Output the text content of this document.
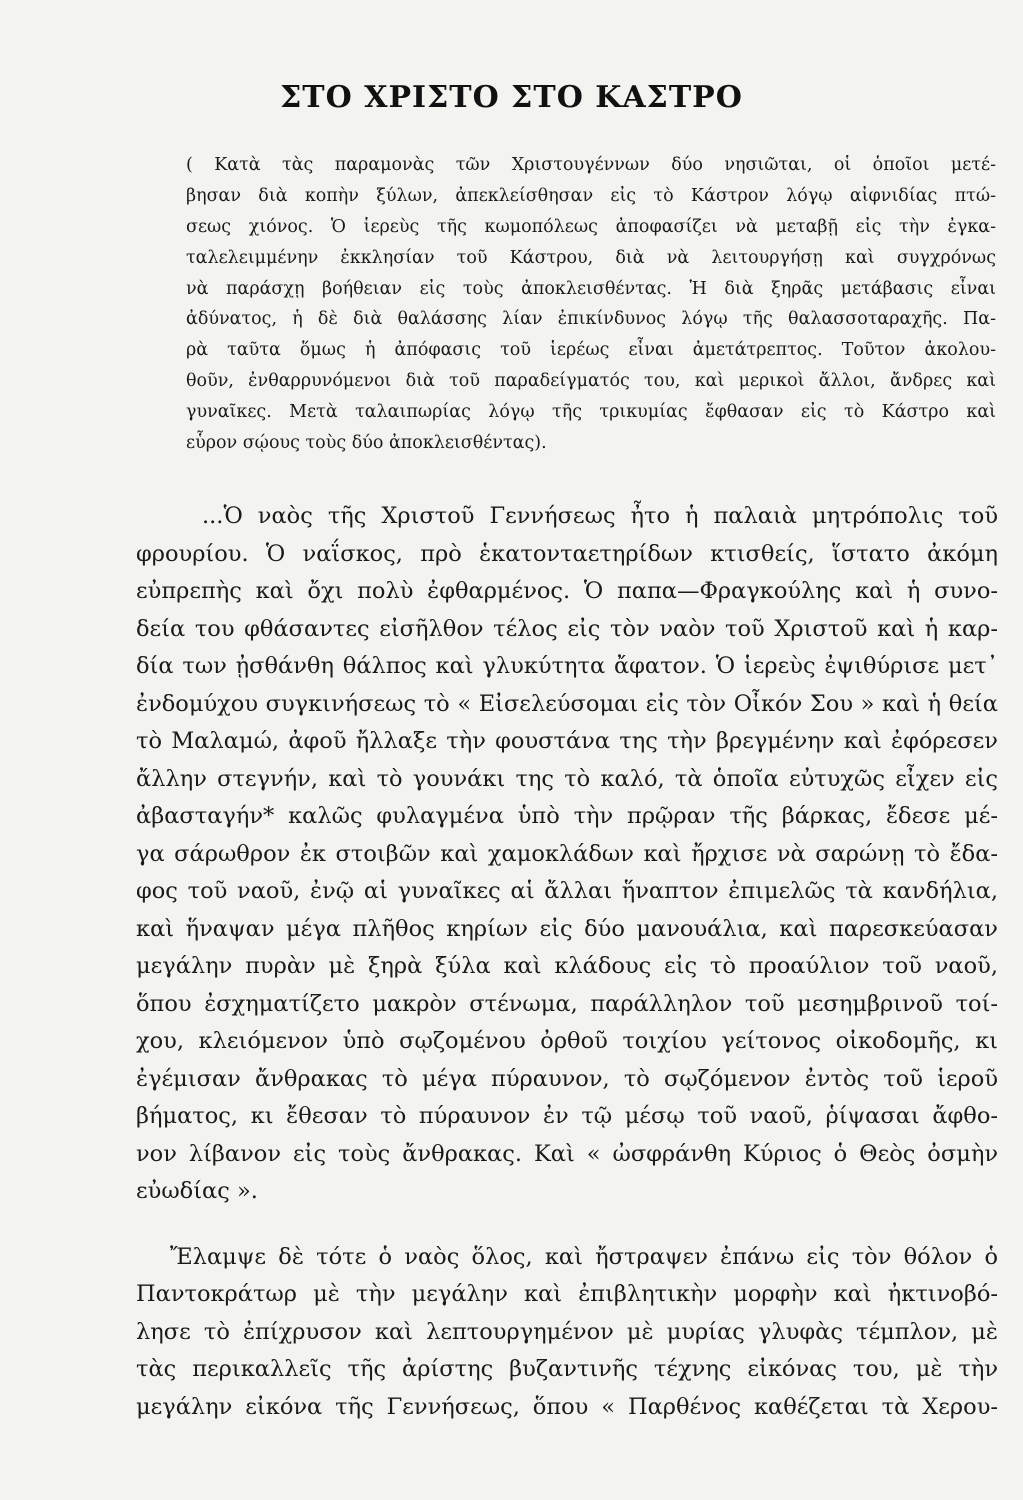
ΣΤΟ ΧΡΙΣΤΟ ΣΤΟ ΚΑΣΤΡΟ
( Κατὰ τὰς παραμονὰς τῶν Χριστουγέννων δύο νησιῶται, οἱ ὁποῖοι μετέ-
βησαν διὰ κοπὴν ξύλων, ἀπεκλείσθησαν εἰς τὸ Κάστρον λόγῳ αἰφνιδίας πτώ-
σεως χιόνος. Ὁ ἱερεὺς τῆς κωμοπόλεως ἀποφασίζει νὰ μεταβῇ εἰς τὴν ἐγκα-
ταλελειμμένην ἐκκλησίαν τοῦ Κάστρου, διὰ νὰ λειτουργήσῃ καὶ συγχρόνως
νὰ παράσχῃ βοήθειαν εἰς τοὺς ἀποκλεισθέντας. Ἡ διὰ ξηρᾶς μετάβασις εἶναι
ἀδύνατος, ἡ δὲ διὰ θαλάσσης λίαν ἐπικίνδυνος λόγῳ τῆς θαλασσοταραχῆς. Πα-
ρὰ ταῦτα ὅμως ἡ ἀπόφασις τοῦ ἱερέως εἶναι ἀμετάτρεπτος. Τοῦτον ἀκολου-
θοῦν, ἐνθαρρυνόμενοι διὰ τοῦ παραδείγματός του, καὶ μερικοὶ ἄλλοι, ἄνδρες καὶ
γυναῖκες. Μετὰ ταλαιπωρίας λόγῳ τῆς τρικυμίας ἔφθασαν εἰς τὸ Κάστρο καὶ
εὗρον σῴους τοὺς δύο ἀποκλεισθέντας).
...Ὁ ναὸς τῆς Χριστοῦ Γεννήσεως ἦτο ἡ παλαιὰ μητρόπολις τοῦ
φρουρίου. Ὁ ναΐσκος, πρὸ ἑκατονταετηρίδων κτισθείς, ἵστατο ἀκόμη
εὐπρεπὴς καὶ ὄχι πολὺ ἐφθαρμένος. Ὁ παπα—Φραγκούλης καὶ ἡ συνο-
δεία του φθάσαντες εἰσῆλθον τέλος εἰς τὸν ναὸν τοῦ Χριστοῦ καὶ ἡ καρ-
δία των ᾐσθάνθη θάλπος καὶ γλυκύτητα ἄφατον. Ὁ ἱερεὺς ἐψιθύρισε μετ᾽
ἐνδομύχου συγκινήσεως τὸ « Εἰσελεύσομαι εἰς τὸν Οἶκόν Σου » καὶ ἡ θεία
τὸ Μαλαμώ, ἀφοῦ ἤλλαξε τὴν φουστάνα της τὴν βρεγμένην καὶ ἐφόρεσεν
ἄλλην στεγνήν, καὶ τὸ γουνάκι της τὸ καλό, τὰ ὁποῖα εὐτυχῶς εἶχεν εἰς
ἀβασταγήν* καλῶς φυλαγμένα ὑπὸ τὴν πρῷραν τῆς βάρκας, ἔδεσε μέ-
γα σάρωθρον ἐκ στοιβῶν καὶ χαμοκλάδων καὶ ἤρχισε νὰ σαρώνῃ τὸ ἔδα-
φος τοῦ ναοῦ, ἐνῷ αἱ γυναῖκες αἱ ἄλλαι ἥναπτον ἐπιμελῶς τὰ κανδήλια,
καὶ ἥναψαν μέγα πλῆθος κηρίων εἰς δύο μανουάλια, καὶ παρεσκεύασαν
μεγάλην πυρὰν μὲ ξηρὰ ξύλα καὶ κλάδους εἰς τὸ προαύλιον τοῦ ναοῦ,
ὅπου ἐσχηματίζετο μακρὸν στένωμα, παράλληλον τοῦ μεσημβρινοῦ τοί-
χου, κλειόμενον ὑπὸ σῳζομένου ὀρθοῦ τοιχίου γείτονος οἰκοδομῆς, κι
ἐγέμισαν ἄνθρακας τὸ μέγα πύραυνον, τὸ σῳζόμενον ἐντὸς τοῦ ἱεροῦ
βήματος, κι ἔθεσαν τὸ πύραυνον ἐν τῷ μέσῳ τοῦ ναοῦ, ῥίψασαι ἄφθο-
νον λίβανον εἰς τοὺς ἄνθρακας. Καὶ « ὠσφράνθη Κύριος ὁ Θεὸς ὀσμὴν
εὐωδίας ».
Ἔλαμψε δὲ τότε ὁ ναὸς ὅλος, καὶ ἤστραψεν ἐπάνω εἰς τὸν θόλον ὁ
Παντοκράτωρ μὲ τὴν μεγάλην καὶ ἐπιβλητικὴν μορφὴν καὶ ἠκτινοβό-
λησε τὸ ἐπίχρυσον καὶ λεπτουργημένον μὲ μυρίας γλυφὰς τέμπλον, μὲ
τὰς περικαλλεῖς τῆς ἀρίστης βυζαντινῆς τέχνης εἰκόνας του, μὲ τὴν
μεγάλην εἰκόνα τῆς Γεννήσεως, ὅπου « Παρθένος καθέζεται τὰ Χερου-
